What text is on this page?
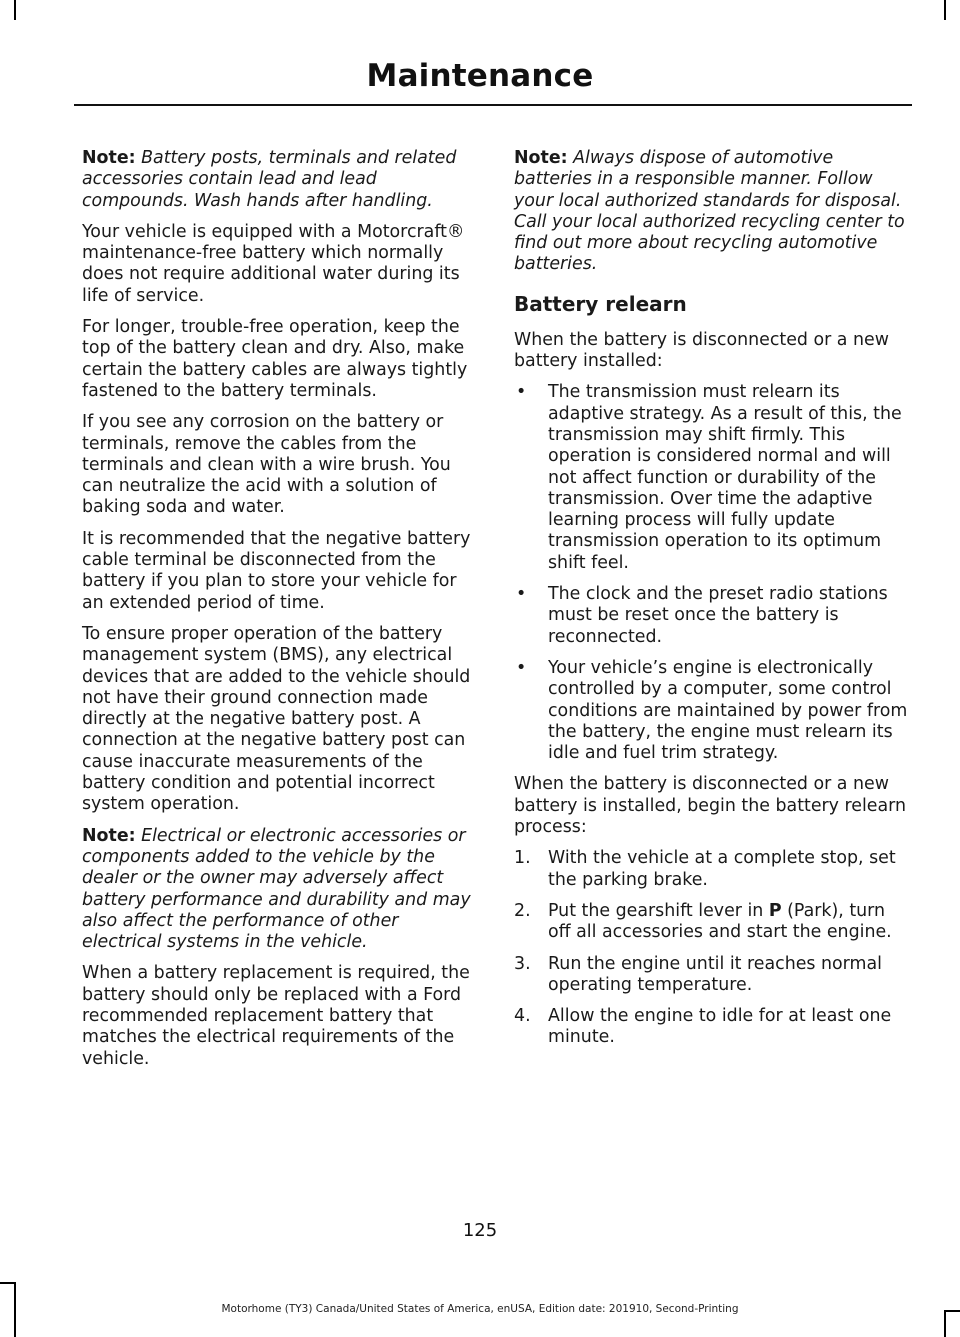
Maintenance

Note: Battery posts, terminals and related accessories contain lead and lead compounds. Wash hands after handling.

Your vehicle is equipped with a Motorcraft® maintenance-free battery which normally does not require additional water during its life of service.

For longer, trouble-free operation, keep the top of the battery clean and dry. Also, make certain the battery cables are always tightly fastened to the battery terminals.

If you see any corrosion on the battery or terminals, remove the cables from the terminals and clean with a wire brush. You can neutralize the acid with a solution of baking soda and water.

It is recommended that the negative battery cable terminal be disconnected from the battery if you plan to store your vehicle for an extended period of time.

To ensure proper operation of the battery management system (BMS), any electrical devices that are added to the vehicle should not have their ground connection made directly at the negative battery post. A connection at the negative battery post can cause inaccurate measurements of the battery condition and potential incorrect system operation.

Note: Electrical or electronic accessories or components added to the vehicle by the dealer or the owner may adversely affect battery performance and durability and may also affect the performance of other electrical systems in the vehicle.

When a battery replacement is required, the battery should only be replaced with a Ford recommended replacement battery that matches the electrical requirements of the vehicle.

Note: Always dispose of automotive batteries in a responsible manner. Follow your local authorized standards for disposal. Call your local authorized recycling center to find out more about recycling automotive batteries.

Battery relearn

When the battery is disconnected or a new battery installed:

• The transmission must relearn its adaptive strategy. As a result of this, the transmission may shift firmly. This operation is considered normal and will not affect function or durability of the transmission. Over time the adaptive learning process will fully update transmission operation to its optimum shift feel.
• The clock and the preset radio stations must be reset once the battery is reconnected.
• Your vehicle’s engine is electronically controlled by a computer, some control conditions are maintained by power from the battery, the engine must relearn its idle and fuel trim strategy.

When the battery is disconnected or a new battery is installed, begin the battery relearn process:

1. With the vehicle at a complete stop, set the parking brake.
2. Put the gearshift lever in P (Park), turn off all accessories and start the engine.
3. Run the engine until it reaches normal operating temperature.
4. Allow the engine to idle for at least one minute.
125
Motorhome (TY3) Canada/United States of America, enUSA, Edition date: 201910, Second-Printing
